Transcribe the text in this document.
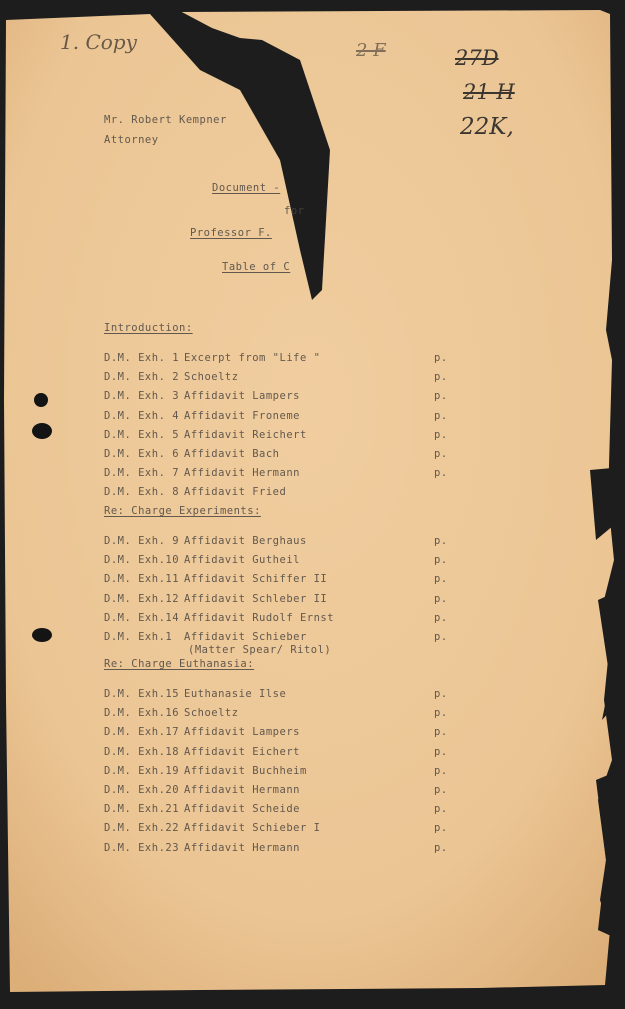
1. Copy	2 F	27D
21 H
22K,
Mr. Robert Kempner
Attorney
Document -
for
Professor F.
Table of C
Introduction:
D.M. Exh. 1 Excerpt from "Life "	p.
D.M. Exh. 2 Schoeltz	p.
D.M. Exh. 3 Affidavit Lampers	p.
D.M. Exh. 4 Affidavit Froneme	p.
D.M. Exh. 5 Affidavit Reichert	p.
D.M. Exh. 6 Affidavit Bach	p.
D.M. Exh. 7 Affidavit Hermann	p.
D.M. Exh. 8 Affidavit Fried
Re: Charge Experiments:
D.M. Exh. 9 Affidavit Berghaus	p.
D.M. Exh.10 Affidavit Gutheil	p.
D.M. Exh.11 Affidavit Schiffer II	p.
D.M. Exh.12 Affidavit Schleber II	p.
D.M. Exh.14 Affidavit Rudolf Ernst	p.
D.M. Exh.1 Affidavit Schieber	p.
(Matter Spear/ Ritol)
Re: Charge Euthanasia:
D.M. Exh.15 Euthanasie Ilse	p.
D.M. Exh.16 Schoeltz	p.
D.M. Exh.17 Affidavit Lampers	p.
D.M. Exh.18 Affidavit Eichert	p.
D.M. Exh.19 Affidavit Buchheim	p.
D.M. Exh.20 Affidavit Hermann	p.
D.M. Exh.21 Affidavit Scheide	p.
D.M. Exh.22 Affidavit Schieber I	p.
D.M. Exh.23 Affidavit Hermann	p.
